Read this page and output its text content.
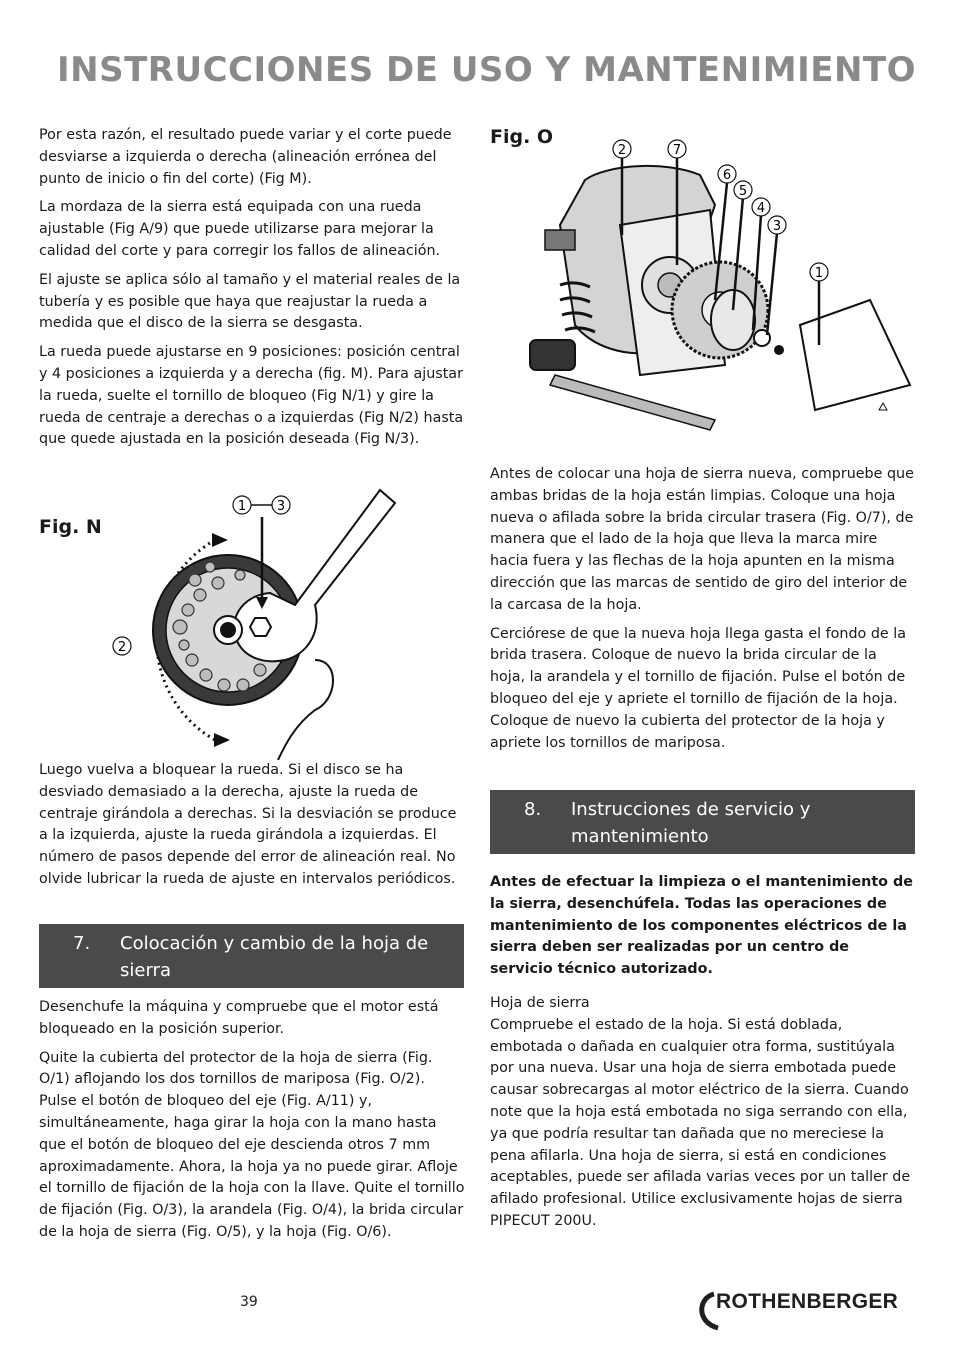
INSTRUCCIONES DE USO Y MANTENIMIENTO

Por esta razón, el resultado puede variar y el corte puede desviarse a izquierda o derecha (alineación errónea del punto de inicio o fin del corte) (Fig M).

La mordaza de la sierra está equipada con una rueda ajustable (Fig A/9) que puede utilizarse para mejorar la calidad del corte y para corregir los fallos de alineación.

El ajuste se aplica sólo al tamaño y el material reales de la tubería y es posible que haya que reajustar la rueda a medida que el disco de la sierra se desgasta.

La rueda puede ajustarse en 9 posiciones: posición central y 4 posiciones a izquierda y a derecha (fig. M). Para ajustar la rueda, suelte el tornillo de bloqueo (Fig N/1) y gire la rueda de centraje a derechas o a izquierdas (Fig N/2) hasta que quede ajustada en la posición deseada (Fig N/3).

Fig. N
1 3
2

Luego vuelva a bloquear la rueda. Si el disco se ha desviado demasiado a la derecha, ajuste la rueda de centraje girándola a derechas. Si la desviación se produce a la izquierda, ajuste la rueda girándola a izquierdas. El número de pasos depende del error de alineación real. No olvide lubricar la rueda de ajuste en intervalos periódicos.

7. Colocación y cambio de la hoja de sierra

Desenchufe la máquina y compruebe que el motor está bloqueado en la posición superior.

Quite la cubierta del protector de la hoja de sierra (Fig. O/1) aflojando los dos tornillos de mariposa (Fig. O/2). Pulse el botón de bloqueo del eje (Fig. A/11) y, simultáneamente, haga girar la hoja con la mano hasta que el botón de bloqueo del eje descienda otros 7 mm aproximadamente. Ahora, la hoja ya no puede girar. Afloje el tornillo de fijación de la hoja con la llave. Quite el tornillo de fijación (Fig. O/3), la arandela (Fig. O/4), la brida circular de la hoja de sierra (Fig. O/5), y la hoja (Fig. O/6).

Fig. O
2	7
6
5
4
3
1

Antes de colocar una hoja de sierra nueva, compruebe que ambas bridas de la hoja están limpias. Coloque una hoja nueva o afilada sobre la brida circular trasera (Fig. O/7), de manera que el lado de la hoja que lleva la marca mire hacia fuera y las flechas de la hoja apunten en la misma dirección que las marcas de sentido de giro del interior de la carcasa de la hoja.

Cerciórese de que la nueva hoja llega gasta el fondo de la brida trasera. Coloque de nuevo la brida circular de la hoja, la arandela y el tornillo de fijación. Pulse el botón de bloqueo del eje y apriete el tornillo de fijación de la hoja. Coloque de nuevo la cubierta del protector de la hoja y apriete los tornillos de mariposa.

8. Instrucciones de servicio y mantenimiento

Antes de efectuar la limpieza o el mantenimiento de la sierra, desenchúfela. Todas las operaciones de mantenimiento de los componentes eléctricos de la sierra deben ser realizadas por un centro de servicio técnico autorizado.

Hoja de sierra

Compruebe el estado de la hoja. Si está doblada, embotada o dañada en cualquier otra forma, sustitúyala por una nueva. Usar una hoja de sierra embotada puede causar sobrecargas al motor eléctrico de la sierra. Cuando note que la hoja está embotada no siga serrando con ella, ya que podría resultar tan dañada que no mereciese la pena afilarla. Una hoja de sierra, si está en condiciones aceptables, puede ser afilada varias veces por un taller de afilado profesional. Utilice exclusivamente hojas de sierra PIPECUT 200U.

39	ROTHENBERGER
